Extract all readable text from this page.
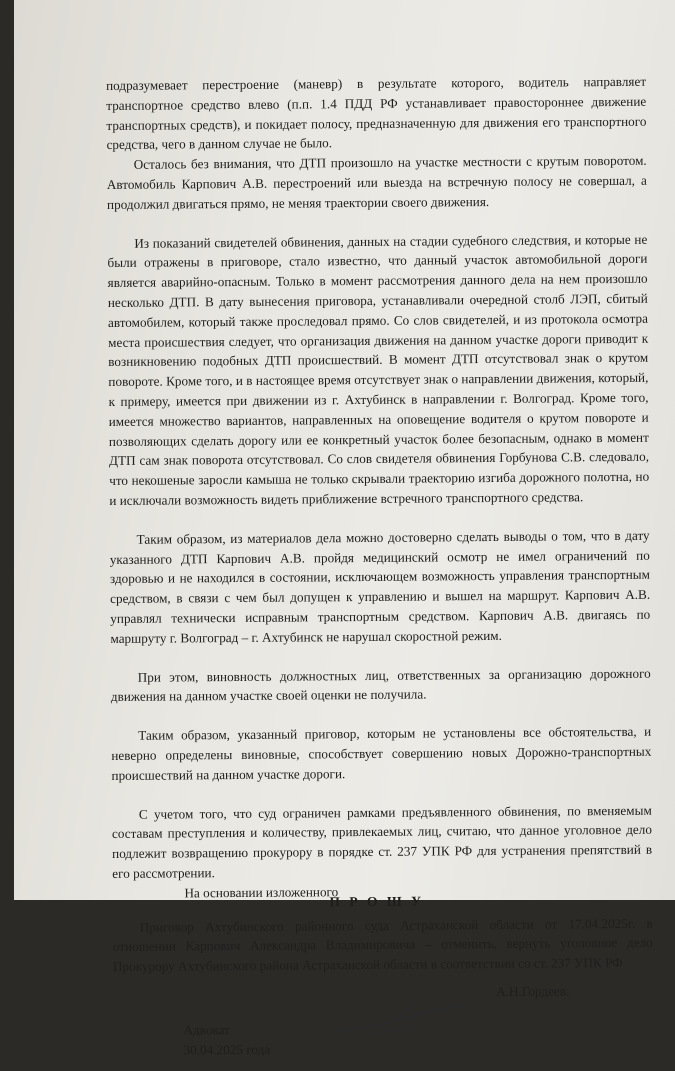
подразумевает перестроение (маневр) в результате которого, водитель направляет транспортное средство влево (п.п. 1.4 ПДД РФ устанавливает правостороннее движение транспортных средств), и покидает полосу, предназначенную для движения его транспортного средства, чего в данном случае не было.

Осталось без внимания, что ДТП произошло на участке местности с крутым поворотом. Автомобиль Карпович А.В. перестроений или выезда на встречную полосу не совершал, а продолжил двигаться прямо, не меняя траектории своего движения.

Из показаний свидетелей обвинения, данных на стадии судебного следствия, и которые не были отражены в приговоре, стало известно, что данный участок автомобильной дороги является аварийно-опасным. Только в момент рассмотрения данного дела на нем произошло несколько ДТП. В дату вынесения приговора, устанавливали очередной столб ЛЭП, сбитый автомобилем, который также проследовал прямо. Со слов свидетелей, и из протокола осмотра места происшествия следует, что организация движения на данном участке дороги приводит к возникновению подобных ДТП происшествий. В момент ДТП отсутствовал знак о крутом повороте. Кроме того, и в настоящее время отсутствует знак о направлении движения, который, к примеру, имеется при движении из г. Ахтубинск в направлении г. Волгоград. Кроме того, имеется множество вариантов, направленных на оповещение водителя о крутом повороте и позволяющих сделать дорогу или ее конкретный участок более безопасным, однако в момент ДТП сам знак поворота отсутствовал. Со слов свидетеля обвинения Горбунова С.В. следовало, что некошеные заросли камыша не только скрывали траекторию изгиба дорожного полотна, но и исключали возможность видеть приближение встречного транспортного средства.

Таким образом, из материалов дела можно достоверно сделать выводы о том, что в дату указанного ДТП Карпович А.В. пройдя медицинский осмотр не имел ограничений по здоровью и не находился в состоянии, исключающем возможность управления транспортным средством, в связи с чем был допущен к управлению и вышел на маршрут. Карпович А.В. управлял технически исправным транспортным средством. Карпович А.В. двигаясь по маршруту г. Волгоград – г. Ахтубинск не нарушал скоростной режим.

При этом, виновность должностных лиц, ответственных за организацию дорожного движения на данном участке своей оценки не получила.

Таким образом, указанный приговор, которым не установлены все обстоятельства, и неверно определены виновные, способствует совершению новых Дорожно-транспортных происшествий на данном участке дороги.

С учетом того, что суд ограничен рамками предъявленного обвинения, по вменяемым составам преступления и количеству, привлекаемых лиц, считаю, что данное уголовное дело подлежит возвращению прокурору в порядке ст. 237 УПК РФ для устранения препятствий в его рассмотрении.

На основании изложенного
П Р О Ш У

Приговор Ахтубинского районного суда Астраханской области от 17.04.2025г. в отношении Карпович Александра Владимировича – отменить, вернуть уголовное дело Прокурору Ахтубинского района Астраханской области в соответствии со ст. 237 УПК РФ

А.Н.Гордеев.
Адвокат
30.04.2025 года
